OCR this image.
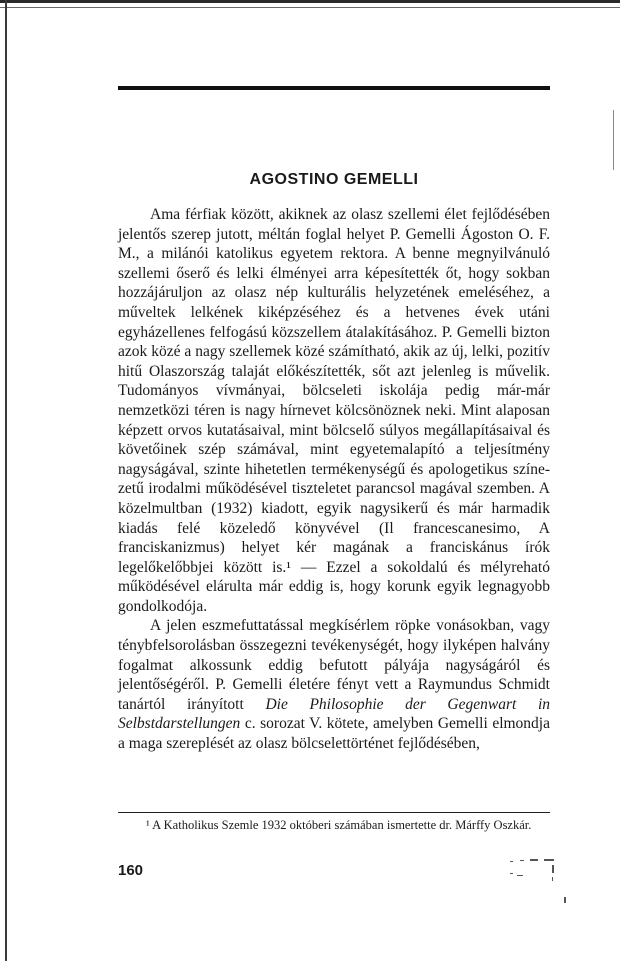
AGOSTINO GEMELLI

Ama férfiak között, akiknek az olasz szellemi élet fejlődésében jelentős szerep jutott, méltán foglal helyet P. Gemelli Ágoston O. F. M., a milánói katolikus egyetem rektora. A benne megnyilvánuló szellemi őserő és lelki élményei arra képesítették őt, hogy sokban hozzájáruljon az olasz nép kulturális helyzetének emeléséhez, a műveltek lelkének kiképzéséhez és a hetvenes évek utáni egyházellenes felfogású közszellem átalakításához. P. Gemelli bizton azok közé a nagy szellemek közé számítható, akik az új, lelki, pozitív hitű Olaszország talaját előkészítették, sőt azt jelenleg is művelik. Tudományos vívmányai, bölcseleti iskolája pedig már-már nemzetközi téren is nagy hírnevet kölcsönöznek neki. Mint alaposan képzett orvos kutatásaival, mint bölcselő súlyos megállapításaival és követőinek szép számával, mint egyetemalapító a teljesítmény nagyságával, szinte hihetetlen termékenységű és apologetikus színezetű irodalmi működésével tiszteletet parancsol magával szemben. A közelmultban (1932) kiadott, egyik nagysikerű és már harmadik kiadás felé közeledő könyvével (Il francescanesimo, A franciskanizmus) helyet kér magának a franciskánus írók legelőkelőbbjei között is.¹ — Ezzel a sokoldalú és mélyreható működésével elárulta már eddig is, hogy korunk egyik legnagyobb gondolkodója.

A jelen eszmefuttatással megkísérlem röpke vonásokban, vagy ténybfelsorolásban összegezni tevékenységét, hogy ilyképen halvány fogalmat alkossunk eddig befutott pályája nagyságáról és jelentőségéről. P. Gemelli életére fényt vett a Raymundus Schmidt tanártól irányított Die Philosophie der Gegenwart in Selbstdarstellungen c. sorozat V. kötete, amelyben Gemelli elmondja a maga szereplését az olasz bölcselettörténet fejlődésében,

¹ A Katholikus Szemle 1932 októberi számában ismertette dr. Márffy Oszkár.
160
